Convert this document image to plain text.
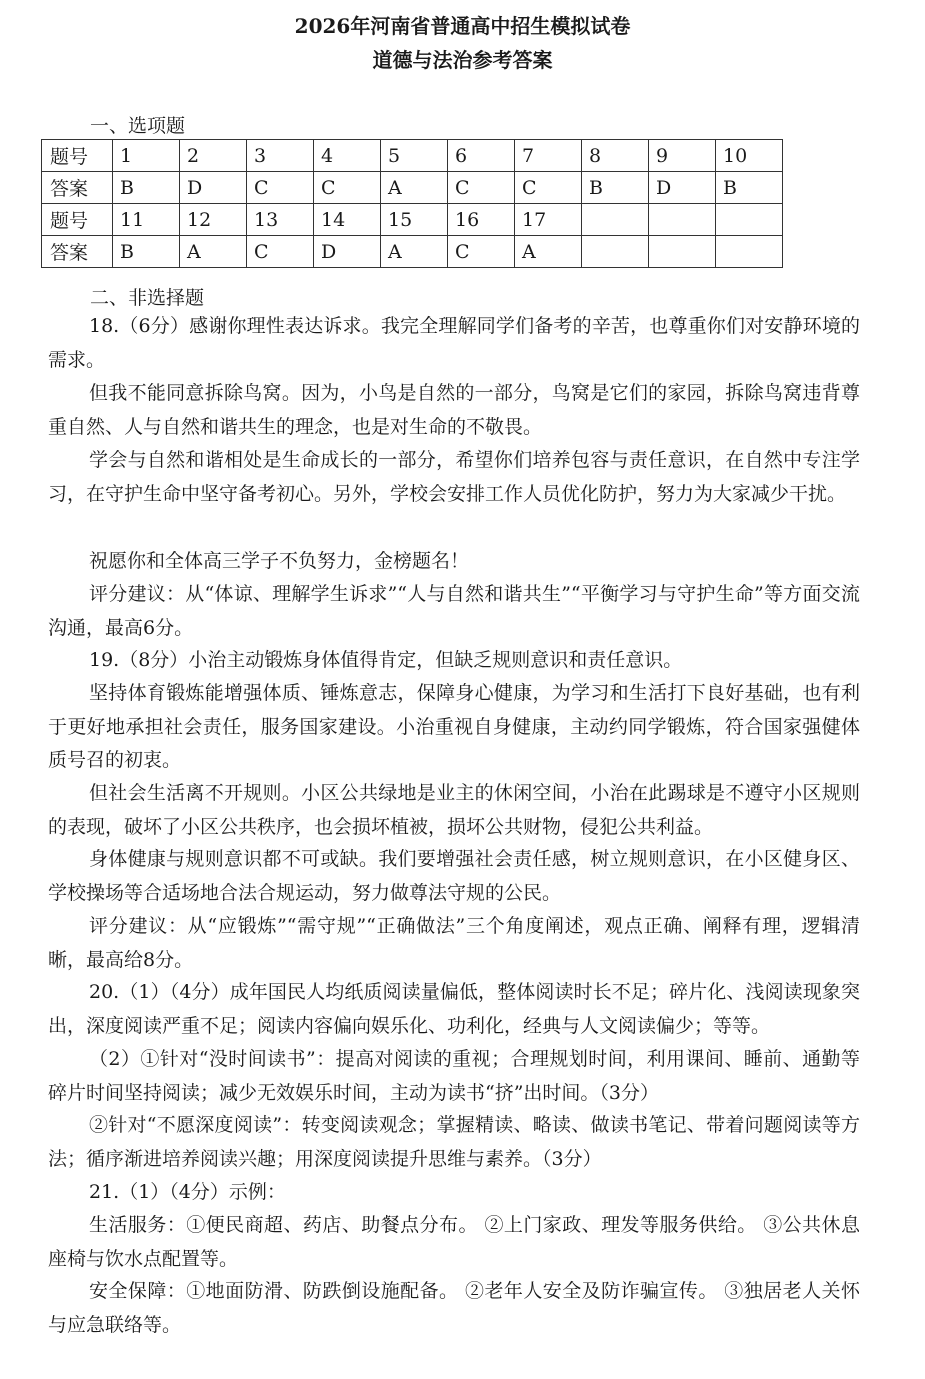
2026年河南省普通高中招生模拟试卷
道德与法治参考答案
一、选项题
题号	1	2	3	4	5	6	7	8	9	10
答案	B	D	C	C	A	C	C	B	D	B
题号	11	12	13	14	15	16	17			
答案	B	A	C	D	A	C	A			
二、非选择题

18.（6分）感谢你理性表达诉求。我完全理解同学们备考的辛苦，也尊重你们对安静环境的需求。

但我不能同意拆除鸟窝。因为，小鸟是自然的一部分，鸟窝是它们的家园，拆除鸟窝违背尊重自然、人与自然和谐共生的理念，也是对生命的不敬畏。

学会与自然和谐相处是生命成长的一部分，希望你们培养包容与责任意识，在自然中专注学习，在守护生命中坚守备考初心。另外，学校会安排工作人员优化防护，努力为大家减少干扰。

祝愿你和全体高三学子不负努力，金榜题名！

评分建议：从“体谅、理解学生诉求”“人与自然和谐共生”“平衡学习与守护生命”等方面交流沟通，最高6分。

19.（8分）小治主动锻炼身体值得肯定，但缺乏规则意识和责任意识。

坚持体育锻炼能增强体质、锤炼意志，保障身心健康，为学习和生活打下良好基础，也有利于更好地承担社会责任，服务国家建设。小治重视自身健康，主动约同学锻炼，符合国家强健体质号召的初衷。

但社会生活离不开规则。小区公共绿地是业主的休闲空间，小治在此踢球是不遵守小区规则的表现，破坏了小区公共秩序，也会损坏植被，损坏公共财物，侵犯公共利益。

身体健康与规则意识都不可或缺。我们要增强社会责任感，树立规则意识，在小区健身区、学校操场等合适场地合法合规运动，努力做尊法守规的公民。

评分建议：从“应锻炼”“需守规”“正确做法”三个角度阐述，观点正确、阐释有理，逻辑清晰，最高给8分。

20.（1）（4分）成年国民人均纸质阅读量偏低，整体阅读时长不足；碎片化、浅阅读现象突出，深度阅读严重不足；阅读内容偏向娱乐化、功利化，经典与人文阅读偏少；等等。

（2）①针对“没时间读书”：提高对阅读的重视；合理规划时间，利用课间、睡前、通勤等碎片时间坚持阅读；减少无效娱乐时间，主动为读书“挤”出时间。（3分）

②针对“不愿深度阅读”：转变阅读观念；掌握精读、略读、做读书笔记、带着问题阅读等方法；循序渐进培养阅读兴趣；用深度阅读提升思维与素养。（3分）

21.（1）（4分）示例：

生活服务：①便民商超、药店、助餐点分布。 ②上门家政、理发等服务供给。 ③公共休息座椅与饮水点配置等。

安全保障：①地面防滑、防跌倒设施配备。 ②老年人安全及防诈骗宣传。 ③独居老人关怀与应急联络等。
